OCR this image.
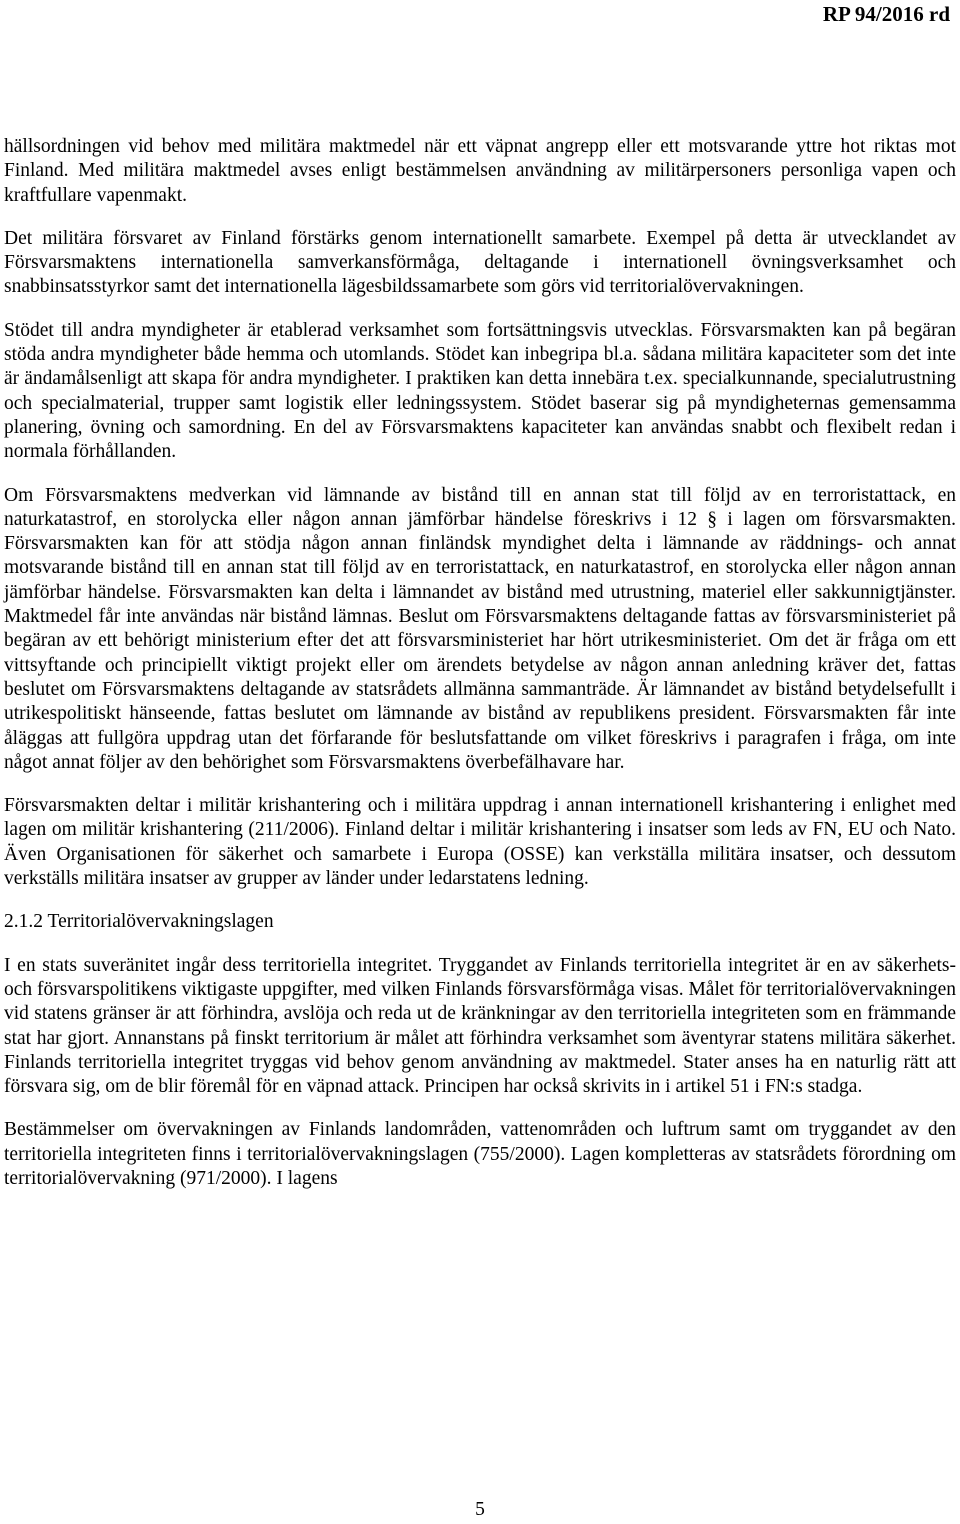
RP 94/2016 rd

hällsordningen vid behov med militära maktmedel när ett väpnat angrepp eller ett motsvarande yttre hot riktas mot Finland. Med militära maktmedel avses enligt bestämmelsen användning av militärpersoners personliga vapen och kraftfullare vapenmakt.

Det militära försvaret av Finland förstärks genom internationellt samarbete. Exempel på detta är utvecklandet av Försvarsmaktens internationella samverkansförmåga, deltagande i internationell övningsverksamhet och snabbinsatsstyrkor samt det internationella lägesbildssamarbete som görs vid territorialövervakningen.

Stödet till andra myndigheter är etablerad verksamhet som fortsättningsvis utvecklas. Försvarsmakten kan på begäran stöda andra myndigheter både hemma och utomlands. Stödet kan inbegripa bl.a. sådana militära kapaciteter som det inte är ändamålsenligt att skapa för andra myndigheter. I praktiken kan detta innebära t.ex. specialkunnande, specialutrustning och specialmaterial, trupper samt logistik eller ledningssystem. Stödet baserar sig på myndigheternas gemensamma planering, övning och samordning. En del av Försvarsmaktens kapaciteter kan användas snabbt och flexibelt redan i normala förhållanden.

Om Försvarsmaktens medverkan vid lämnande av bistånd till en annan stat till följd av en terroristattack, en naturkatastrof, en storolycka eller någon annan jämförbar händelse föreskrivs i 12 § i lagen om försvarsmakten. Försvarsmakten kan för att stödja någon annan finländsk myndighet delta i lämnande av räddnings- och annat motsvarande bistånd till en annan stat till följd av en terroristattack, en naturkatastrof, en storolycka eller någon annan jämförbar händelse. Försvarsmakten kan delta i lämnandet av bistånd med utrustning, materiel eller sakkunnigtjänster. Maktmedel får inte användas när bistånd lämnas. Beslut om Försvarsmaktens deltagande fattas av försvarsministeriet på begäran av ett behörigt ministerium efter det att försvarsministeriet har hört utrikesministeriet. Om det är fråga om ett vittsyftande och principiellt viktigt projekt eller om ärendets betydelse av någon annan anledning kräver det, fattas beslutet om Försvarsmaktens deltagande av statsrådets allmänna sammanträde. Är lämnandet av bistånd betydelsefullt i utrikespolitiskt hänseende, fattas beslutet om lämnande av bistånd av republikens president. Försvarsmakten får inte åläggas att fullgöra uppdrag utan det förfarande för beslutsfattande om vilket föreskrivs i paragrafen i fråga, om inte något annat följer av den behörighet som Försvarsmaktens överbefälhavare har.

Försvarsmakten deltar i militär krishantering och i militära uppdrag i annan internationell krishantering i enlighet med lagen om militär krishantering (211/2006). Finland deltar i militär krishantering i insatser som leds av FN, EU och Nato. Även Organisationen för säkerhet och samarbete i Europa (OSSE) kan verkställa militära insatser, och dessutom verkställs militära insatser av grupper av länder under ledarstatens ledning.

2.1.2 Territorialövervakningslagen

I en stats suveränitet ingår dess territoriella integritet. Tryggandet av Finlands territoriella integritet är en av säkerhets- och försvarspolitikens viktigaste uppgifter, med vilken Finlands försvarsförmåga visas. Målet för territorialövervakningen vid statens gränser är att förhindra, avslöja och reda ut de kränkningar av den territoriella integriteten som en främmande stat har gjort. Annanstans på finskt territorium är målet att förhindra verksamhet som äventyrar statens militära säkerhet. Finlands territoriella integritet tryggas vid behov genom användning av maktmedel. Stater anses ha en naturlig rätt att försvara sig, om de blir föremål för en väpnad attack. Principen har också skrivits in i artikel 51 i FN:s stadga.

Bestämmelser om övervakningen av Finlands landområden, vattenområden och luftrum samt om tryggandet av den territoriella integriteten finns i territorialövervakningslagen (755/2000). Lagen kompletteras av statsrådets förordning om territorialövervakning (971/2000). I lagens

5
